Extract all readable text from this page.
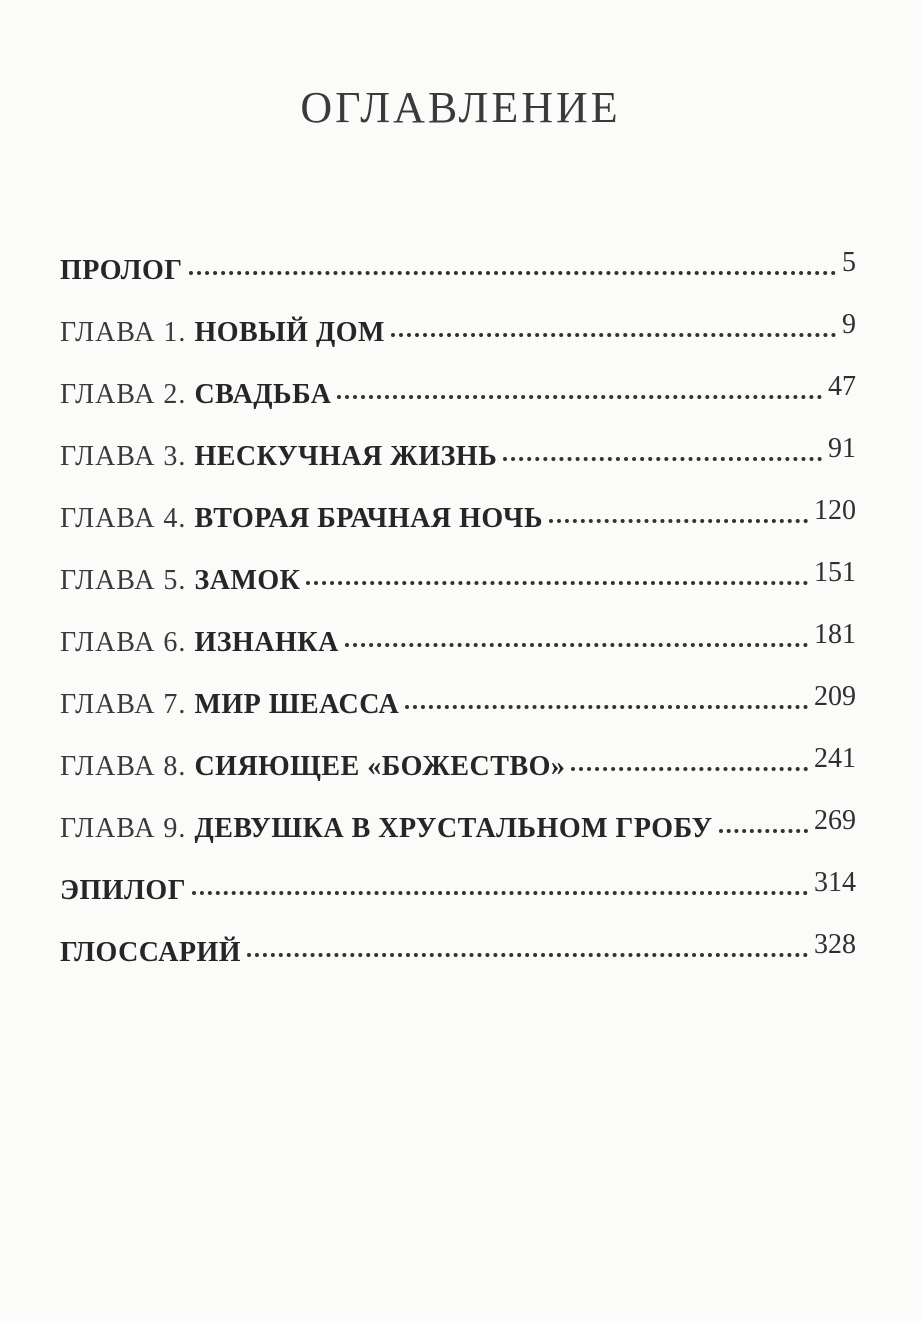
ОГЛАВЛЕНИЕ
ПРОЛОГ	5
ГЛАВА 1. НОВЫЙ ДОМ	9
ГЛАВА 2. СВАДЬБА	47
ГЛАВА 3. НЕСКУЧНАЯ ЖИЗНЬ	91
ГЛАВА 4. ВТОРАЯ БРАЧНАЯ НОЧЬ	120
ГЛАВА 5. ЗАМОК	151
ГЛАВА 6. ИЗНАНКА	181
ГЛАВА 7. МИР ШЕАССА	209
ГЛАВА 8. СИЯЮЩЕЕ «БОЖЕСТВО»	241
ГЛАВА 9. ДЕВУШКА В ХРУСТАЛЬНОМ ГРОБУ	269
ЭПИЛОГ	314
ГЛОССАРИЙ	328
